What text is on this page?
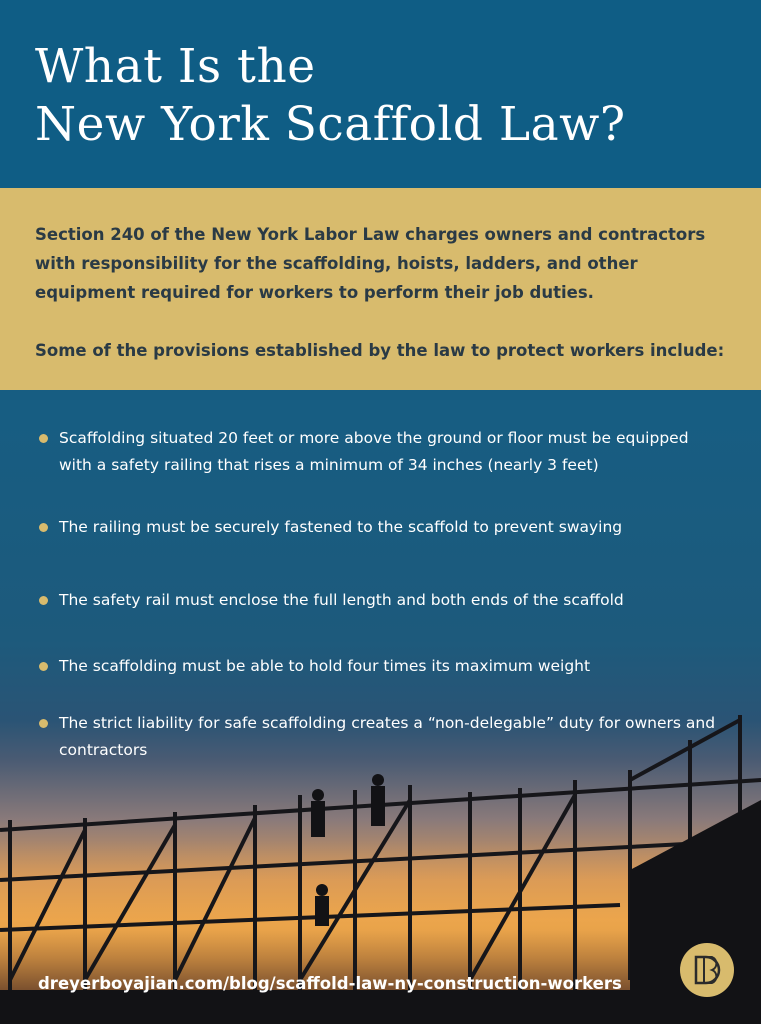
What Is the
New York Scaffold Law?

Section 240 of the New York Labor Law charges owners and contractors with responsibility for the scaffolding, hoists, ladders, and other equipment required for workers to perform their job duties.

Some of the provisions established by the law to protect workers include:

Scaffolding situated 20 feet or more above the ground or floor must be equipped with a safety railing that rises a minimum of 34 inches (nearly 3 feet)
The railing must be securely fastened to the scaffold to prevent swaying
The safety rail must enclose the full length and both ends of the scaffold
The scaffolding must be able to hold four times its maximum weight
The strict liability for safe scaffolding creates a “non-delegable” duty for owners and contractors
dreyerboyajian.com/blog/scaffold-law-ny-construction-workers
